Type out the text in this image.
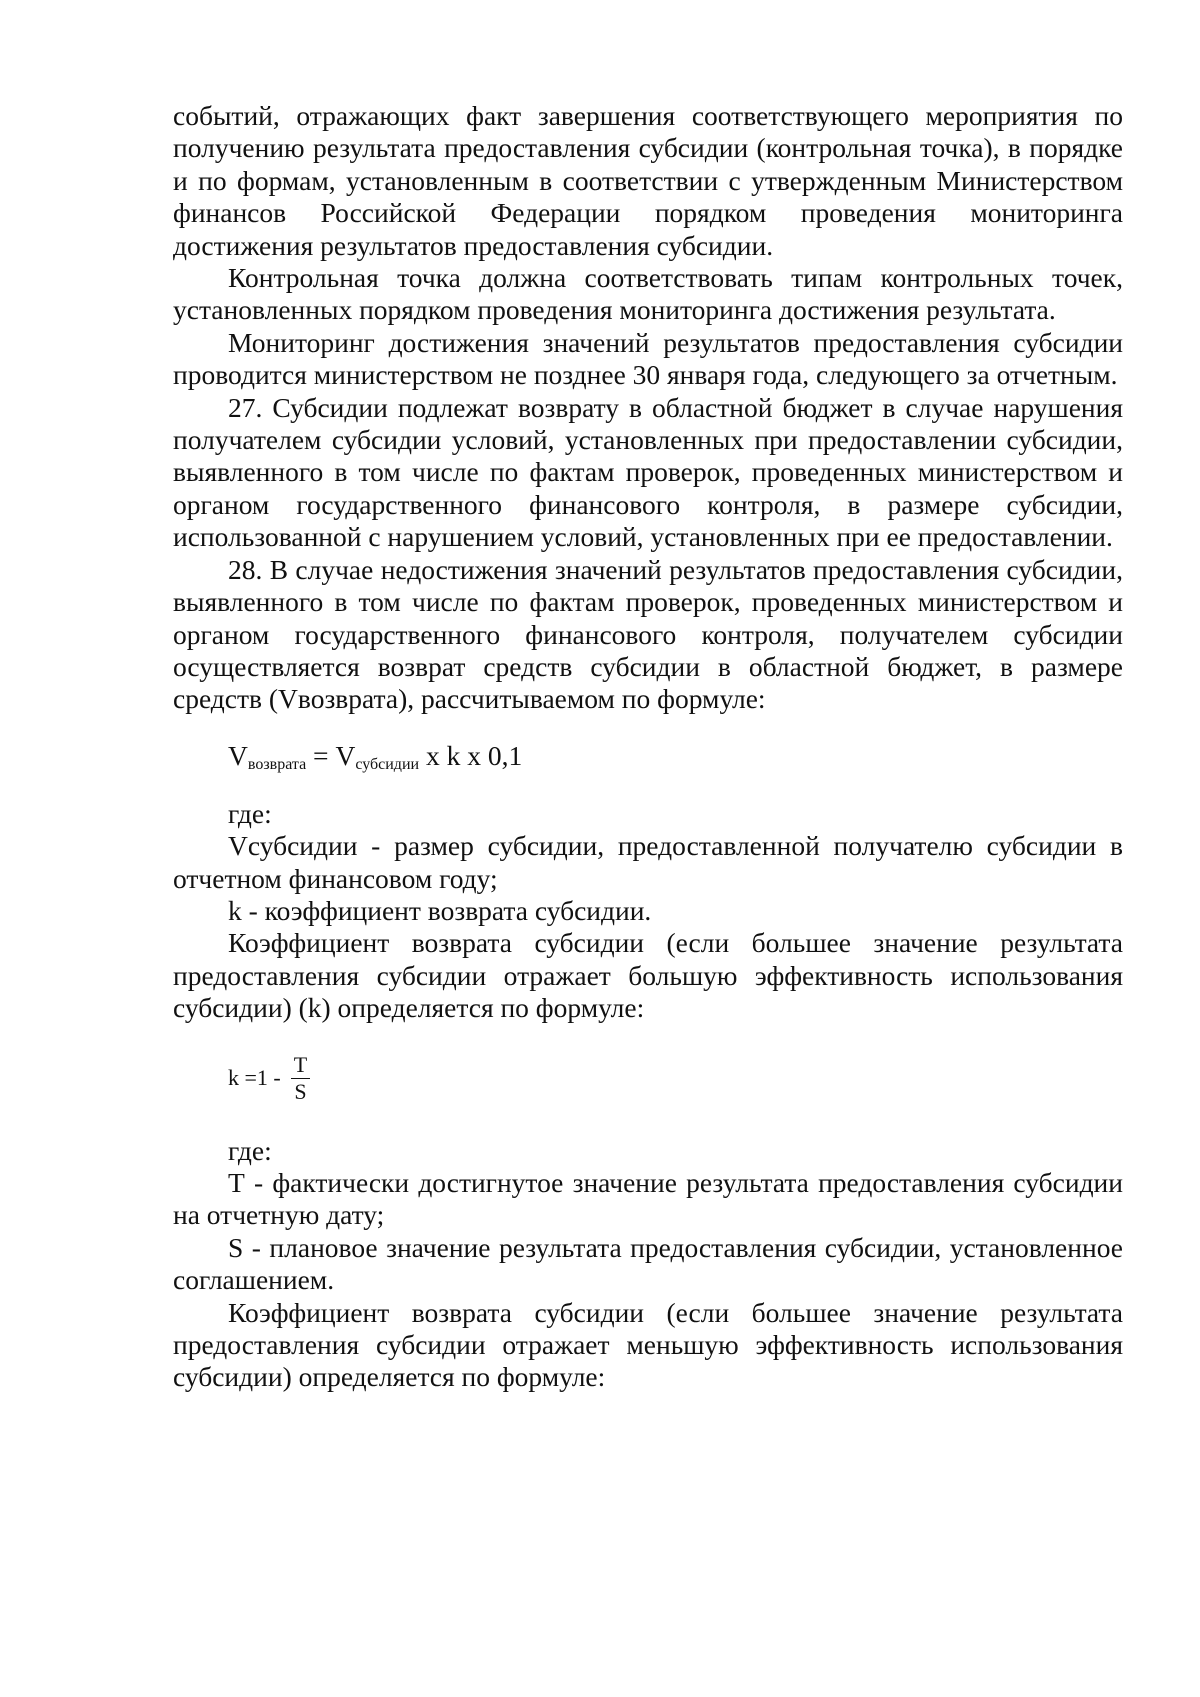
событий, отражающих факт завершения соответствующего мероприятия по получению результата предоставления субсидии (контрольная точка), в порядке и по формам, установленным в соответствии с утвержденным Министерством финансов Российской Федерации порядком проведения мониторинга достижения результатов предоставления субсидии.

Контрольная точка должна соответствовать типам контрольных точек, установленных порядком проведения мониторинга достижения результата.

Мониторинг достижения значений результатов предоставления субсидии проводится министерством не позднее 30 января года, следующего за отчетным.

27. Субсидии подлежат возврату в областной бюджет в случае нарушения получателем субсидии условий, установленных при предоставлении субсидии, выявленного в том числе по фактам проверок, проведенных министерством и органом государственного финансового контроля, в размере субсидии, использованной с нарушением условий, установленных при ее предоставлении.

28. В случае недостижения значений результатов предоставления субсидии, выявленного в том числе по фактам проверок, проведенных министерством и органом государственного финансового контроля, получателем субсидии осуществляется возврат средств субсидии в областной бюджет, в размере средств (Vвозврата), рассчитываемом по формуле:

$V_{возврата} = V_{субсидии}$ x k x 0,1

где:

Vсубсидии - размер субсидии, предоставленной получателю субсидии в отчетном финансовом году;

k - коэффициент возврата субсидии.

Коэффициент возврата субсидии (если большее значение результата предоставления субсидии отражает большую эффективность использования субсидии) (k) определяется по формуле:

$k =1 - \frac{T}{S}$

где:

Т - фактически достигнутое значение результата предоставления субсидии на отчетную дату;

S - плановое значение результата предоставления субсидии, установленное соглашением.

Коэффициент возврата субсидии (если большее значение результата предоставления субсидии отражает меньшую эффективность использования субсидии) определяется по формуле:
